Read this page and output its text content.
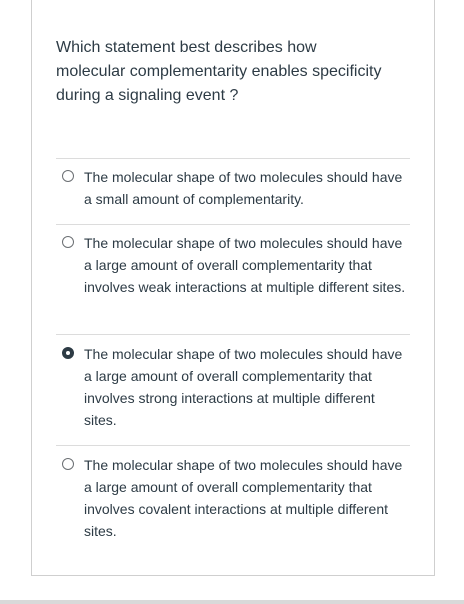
Which statement best describes how molecular complementarity enables specificity during a signaling event ?
The molecular shape of two molecules should have a small amount of complementarity.
The molecular shape of two molecules should have a large amount of overall complementarity that involves weak interactions at multiple different sites.
The molecular shape of two molecules should have a large amount of overall complementarity that involves strong interactions at multiple different sites.
The molecular shape of two molecules should have a large amount of overall complementarity that involves covalent interactions at multiple different sites.
